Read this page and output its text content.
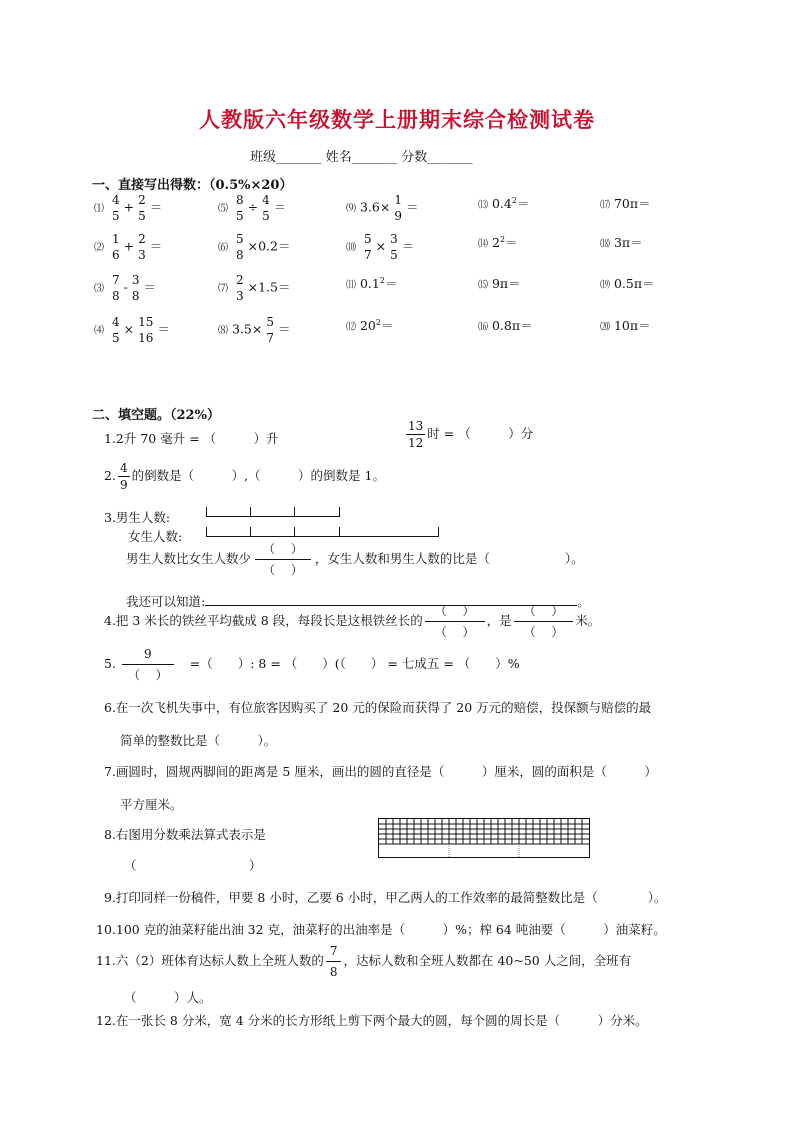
人教版六年级数学上册期末综合检测试卷
班级_______ 姓名_______ 分数_______
一、直接写出得数：（0.5%×20）
⑴
4
5
+ 2
5
＝
⑵
1
6
+ 2
3
＝
⑶
7
8
- 3
8
＝
⑷
4
5
× 15
16
＝
⑸
8
5
÷ 4
5
＝
⑹
5
8
×0.2＝
⑺
2
3
×1.5＝
⑻ 3.5× 5
7
＝
⑼ 3.6× 1
9
＝
⑽
5
7
× 3
5
＝
⑾ $0.1^2=$
⑿ $20^2=$
⒀ $0.4^2=$
⒁ $2^2=$
⒂ 9π＝
⒃ 0.8π＝
⒄ 70π＝
⒅ 3π＝
⒆ 0.5π＝
⒇ 10π＝
二、填空题。（22%）
1.2升 70 毫升 = （　　　）升	$\frac{13}{12}$ 时 = （　　　）分
2. $\frac{4}{9}$ 的倒数是（　　　）,（　　　）的倒数是 1。
3.男生人数:
女生人数:
男生人数比女生人数少 $\frac{( )}{( )}$ ，女生人数和男生人数的比是（　　　　　　）。
我还可以知道:	。
4.把 3 米长的铁丝平均截成 8 段，每段长是这根铁丝长的 $\frac{( )}{( )}$ ，是 $\frac{( )}{( )}$ 米。
5. $\frac{9}{( )}$ =（　　）: 8 = （　　）(（　　） = 七成五 = （　　）%
6.在一次飞机失事中，有位旅客因购买了 20 元的保险而获得了 20 万元的赔偿，投保额与赔偿的最
简单的整数比是（　　　）。
7.画圆时，圆规两脚间的距离是 5 厘米，画出的圆的直径是（　　　）厘米，圆的面积是（　　　）
平方厘米。
8.右图用分数乘法算式表示是
（　　　　　　　　　）
9.打印同样一份稿件，甲要 8 小时，乙要 6 小时，甲乙两人的工作效率的最简整数比是（　　　　）。
10.100 克的油菜籽能出油 32 克，油菜籽的出油率是（　　　）%；榨 64 吨油要（　　　）油菜籽。
11.六（2）班体育达标人数上全班人数的 $\frac{7}{8}$ ，达标人数和全班人数都在 40~50 人之间，全班有
（　　　）人。
12.在一张长 8 分米，宽 4 分米的长方形纸上剪下两个最大的圆，每个圆的周长是（　　　）分米。
